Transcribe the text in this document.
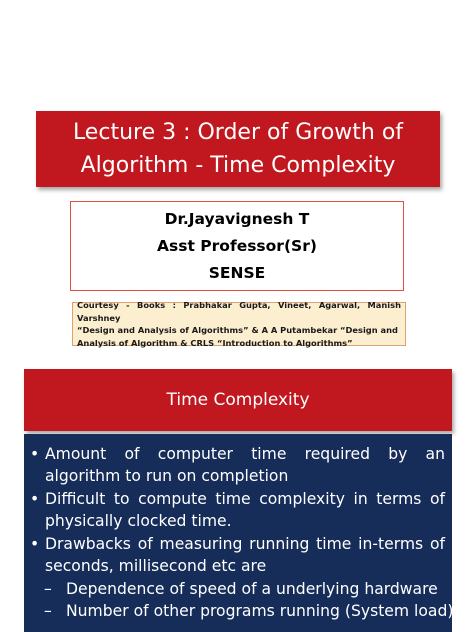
Lecture 3 : Order of Growth of
Algorithm - Time Complexity
Dr.Jayavignesh T
Asst Professor(Sr)
SENSE
Courtesy - Books : Prabhakar Gupta, Vineet, Agarwal, Manish Varshney
“Design and Analysis of Algorithms” & A A Putambekar “Design and
Analysis of Algorithm & CRLS “Introduction to Algorithms”
Time Complexity
• Amount of computer time required by an algorithm to run on completion
• Difficult to compute time complexity in terms of physically clocked time.
• Drawbacks of measuring running time in-terms of seconds, millisecond etc are
– Dependence of speed of a underlying hardware
– Number of other programs running (System load)
